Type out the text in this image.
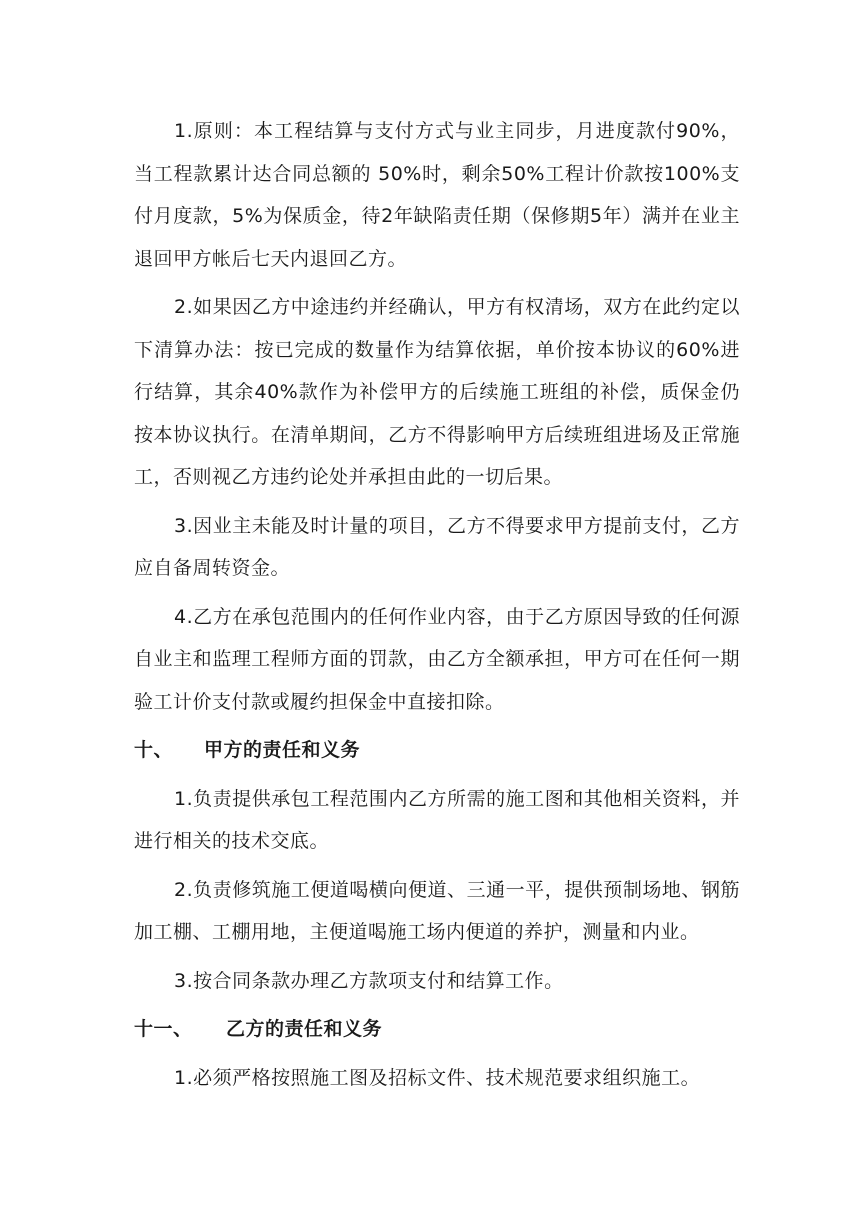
1.原则：本工程结算与支付方式与业主同步，月进度款付90%，当工程款累计达合同总额的 50%时，剩余50%工程计价款按100%支付月度款，5%为保质金，待2年缺陷责任期（保修期5年）满并在业主退回甲方帐后七天内退回乙方。

2.如果因乙方中途违约并经确认，甲方有权清场，双方在此约定以下清算办法：按已完成的数量作为结算依据，单价按本协议的60%进行结算，其余40%款作为补偿甲方的后续施工班组的补偿，质保金仍按本协议执行。在清单期间，乙方不得影响甲方后续班组进场及正常施工，否则视乙方违约论处并承担由此的一切后果。

3.因业主未能及时计量的项目，乙方不得要求甲方提前支付，乙方应自备周转资金。

4.乙方在承包范围内的任何作业内容，由于乙方原因导致的任何源自业主和监理工程师方面的罚款，由乙方全额承担，甲方可在任何一期验工计价支付款或履约担保金中直接扣除。

十、 甲方的责任和义务

1.负责提供承包工程范围内乙方所需的施工图和其他相关资料，并进行相关的技术交底。

2.负责修筑施工便道喝横向便道、三通一平，提供预制场地、钢筋加工棚、工棚用地，主便道喝施工场内便道的养护，测量和内业。

3.按合同条款办理乙方款项支付和结算工作。

十一、 乙方的责任和义务

1.必须严格按照施工图及招标文件、技术规范要求组织施工。
